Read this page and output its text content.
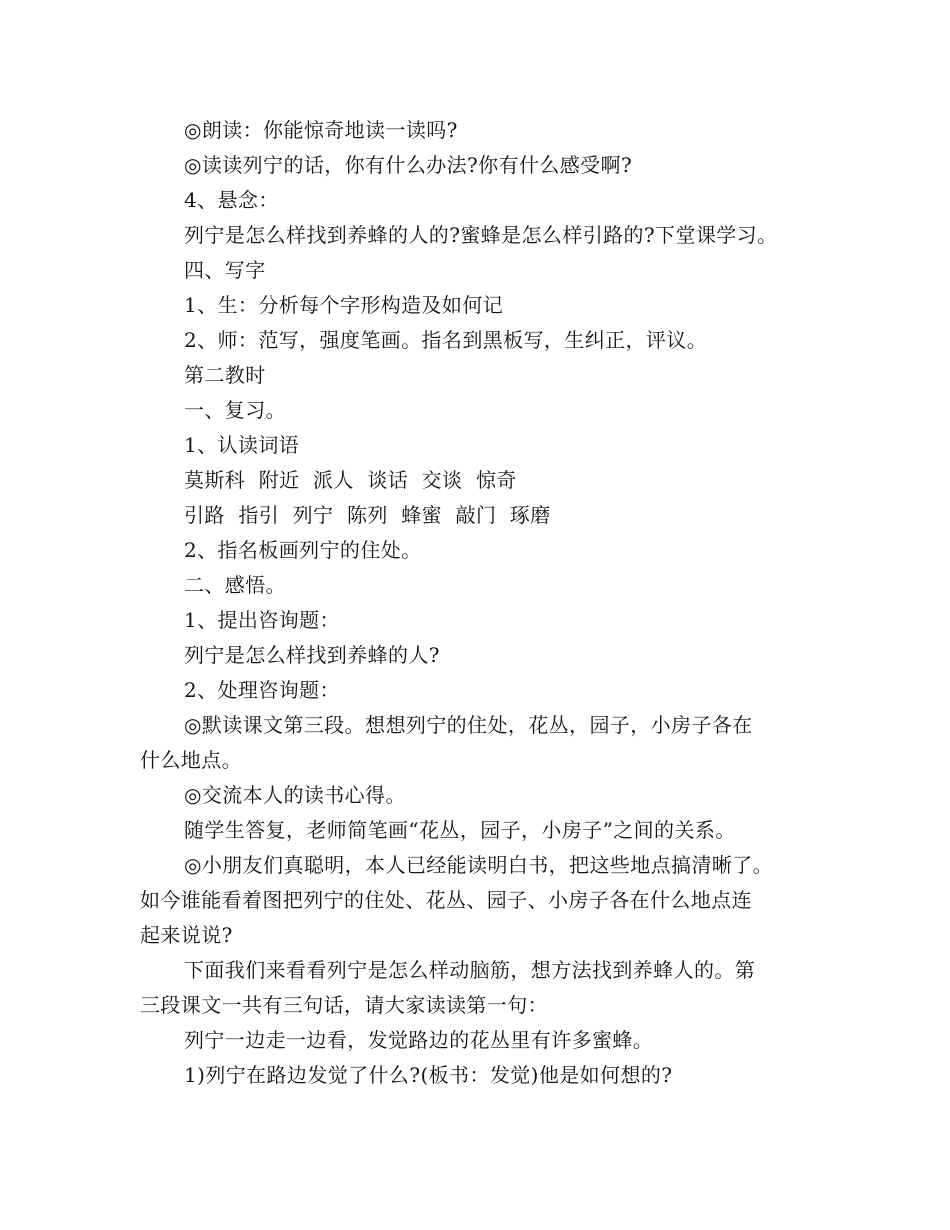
◎朗读：你能惊奇地读一读吗?
◎读读列宁的话，你有什么办法?你有什么感受啊?
4、悬念：
列宁是怎么样找到养蜂的人的?蜜蜂是怎么样引路的?下堂课学习。
四、写字
1、生：分析每个字形构造及如何记
2、师：范写，强度笔画。指名到黑板写，生纠正，评议。
第二教时
一、复习。
1、认读词语
莫斯科  附近  派人  谈话  交谈  惊奇
引路  指引  列宁  陈列  蜂蜜  敲门  琢磨
2、指名板画列宁的住处。
二、感悟。
1、提出咨询题：
列宁是怎么样找到养蜂的人?
2、处理咨询题：
◎默读课文第三段。想想列宁的住处，花丛，园子，小房子各在
什么地点。
◎交流本人的读书心得。
随学生答复，老师简笔画“花丛，园子，小房子”之间的关系。
◎小朋友们真聪明，本人已经能读明白书，把这些地点搞清晰了。
如今谁能看着图把列宁的住处、花丛、园子、小房子各在什么地点连
起来说说?
下面我们来看看列宁是怎么样动脑筋，想方法找到养蜂人的。第
三段课文一共有三句话，请大家读读第一句：
列宁一边走一边看，发觉路边的花丛里有许多蜜蜂。
1)列宁在路边发觉了什么?(板书：发觉)他是如何想的?
